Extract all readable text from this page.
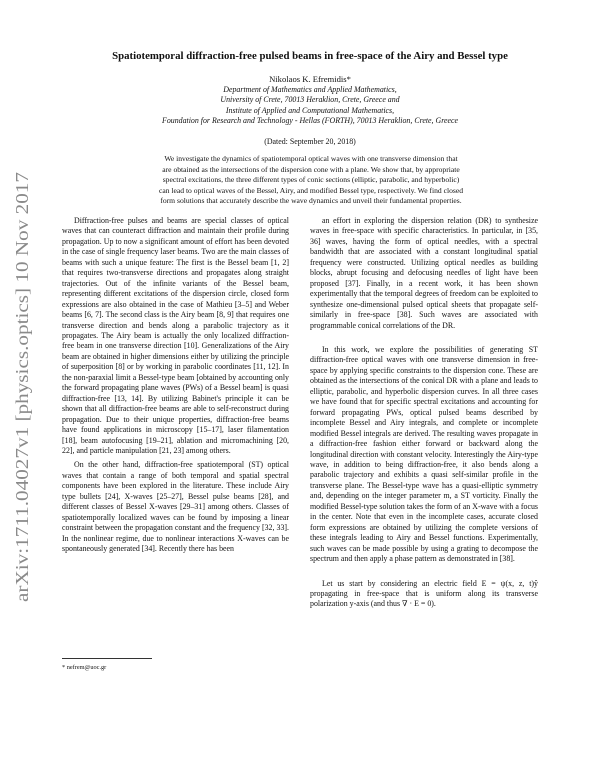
Spatiotemporal diffraction-free pulsed beams in free-space of the Airy and Bessel type
Nikolaos K. Efremidis*
Department of Mathematics and Applied Mathematics,
University of Crete, 70013 Heraklion, Crete, Greece and
Institute of Applied and Computational Mathematics,
Foundation for Research and Technology - Hellas (FORTH), 70013 Heraklion, Crete, Greece
(Dated: September 20, 2018)
We investigate the dynamics of spatiotemporal optical waves with one transverse dimension that
are obtained as the intersections of the dispersion cone with a plane. We show that, by appropriate
spectral excitations, the three different types of conic sections (elliptic, parabolic, and hyperbolic)
can lead to optical waves of the Bessel, Airy, and modified Bessel type, respectively. We find closed
form solutions that accurately describe the wave dynamics and unveil their fundamental properties.
arXiv:1711.04027v1 [physics.optics] 10 Nov 2017

Diffraction-free pulses and beams are special classes of optical waves that can counteract diffraction and maintain their profile during propagation. Up to now a significant amount of effort has been devoted in the case of single frequency laser beams. Two are the main classes of beams with such a unique feature: The first is the Bessel beam [1, 2] that requires two-transverse directions and propagates along straight trajectories. Out of the infinite variants of the Bessel beam, representing different excitations of the dispersion circle, closed form expressions are also obtained in the case of Mathieu [3–5] and Weber beams [6, 7]. The second class is the Airy beam [8, 9] that requires one transverse direction and bends along a parabolic trajectory as it propagates. The Airy beam is actually the only localized diffraction-free beam in one transverse direction [10]. Generalizations of the Airy beam are obtained in higher dimensions either by utilizing the principle of superposition [8] or by working in parabolic coordinates [11, 12]. In the non-paraxial limit a Bessel-type beam [obtained by accounting only the forward propagating plane waves (PWs) of a Bessel beam] is quasi diffraction-free [13, 14]. By utilizing Babinet's principle it can be shown that all diffraction-free beams are able to self-reconstruct during propagation. Due to their unique properties, diffraction-free beams have found applications in microscopy [15–17], laser filamentation [18], beam autofocusing [19–21], ablation and micromachining [20, 22], and particle manipulation [21, 23] among others.

On the other hand, diffraction-free spatiotemporal (ST) optical waves that contain a range of both temporal and spatial spectral components have been explored in the literature. These include Airy type bullets [24], X-waves [25–27], Bessel pulse beams [28], and different classes of Bessel X-waves [29–31] among others. Classes of spatiotemporally localized waves can be found by imposing a linear constraint between the propagation constant and the frequency [32, 33]. In the nonlinear regime, due to nonlinear interactions X-waves can be spontaneously generated [34]. Recently there has been

an effort in exploring the dispersion relation (DR) to synthesize waves in free-space with specific characteristics. In particular, in [35, 36] waves, having the form of optical needles, with a spectral bandwidth that are associated with a constant longitudinal spatial frequency were constructed. Utilizing optical needles as building blocks, abrupt focusing and defocusing needles of light have been proposed [37]. Finally, in a recent work, it has been shown experimentally that the temporal degrees of freedom can be exploited to synthesize one-dimensional pulsed optical sheets that propagate self-similarly in free-space [38]. Such waves are associated with programmable conical correlations of the DR.

In this work, we explore the possibilities of generating ST diffraction-free optical waves with one transverse dimension in free-space by applying specific constraints to the dispersion cone. These are obtained as the intersections of the conical DR with a plane and leads to elliptic, parabolic, and hyperbolic dispersion curves. In all three cases we have found that for specific spectral excitations and accounting for forward propagating PWs, optical pulsed beams described by incomplete Bessel and Airy integrals, and complete or incomplete modified Bessel integrals are derived. The resulting waves propagate in a diffraction-free fashion either forward or backward along the longitudinal direction with constant velocity. Interestingly the Airy-type wave, in addition to being diffraction-free, it also bends along a parabolic trajectory and exhibits a quasi self-similar profile in the transverse plane. The Bessel-type wave has a quasi-elliptic symmetry and, depending on the integer parameter m, a ST vorticity. Finally the modified Bessel-type solution takes the form of an X-wave with a focus in the center. Note that even in the incomplete cases, accurate closed form expressions are obtained by utilizing the complete versions of these integrals leading to Airy and Bessel functions. Experimentally, such waves can be made possible by using a grating to decompose the spectrum and then apply a phase pattern as demonstrated in [38].

Let us start by considering an electric field E = ψ(x, z, t)ŷ propagating in free-space that is uniform along its transverse polarization y-axis (and thus ∇ · E = 0).

* nefrem@uoc.gr
